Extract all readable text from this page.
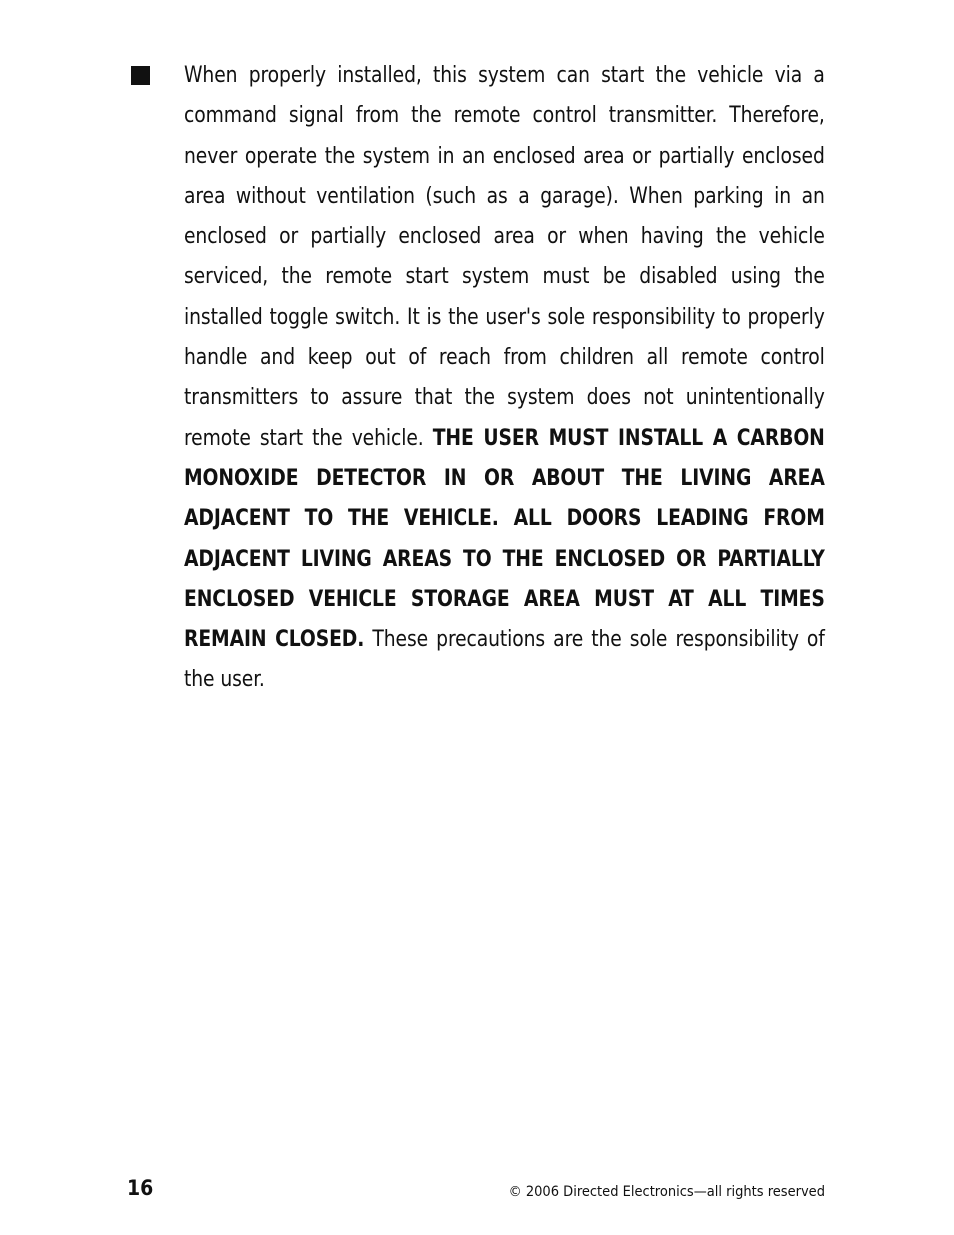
When properly installed, this system can start the vehicle via a command signal from the remote control transmitter. Therefore, never operate the system in an enclosed area or partially enclosed area without ventilation (such as a garage). When parking in an enclosed or partially enclosed area or when having the vehicle serviced, the remote start system must be disabled using the installed toggle switch. It is the user's sole responsibility to properly handle and keep out of reach from children all remote control transmitters to assure that the system does not unintentionally remote start the vehicle. THE USER MUST INSTALL A CARBON MONOXIDE DETECTOR IN OR ABOUT THE LIVING AREA ADJACENT TO THE VEHICLE. ALL DOORS LEADING FROM ADJACENT LIVING AREAS TO THE ENCLOSED OR PARTIALLY ENCLOSED VEHICLE STORAGE AREA MUST AT ALL TIMES REMAIN CLOSED. These precautions are the sole responsibility of the user.

16	© 2006 Directed Electronics—all rights reserved
